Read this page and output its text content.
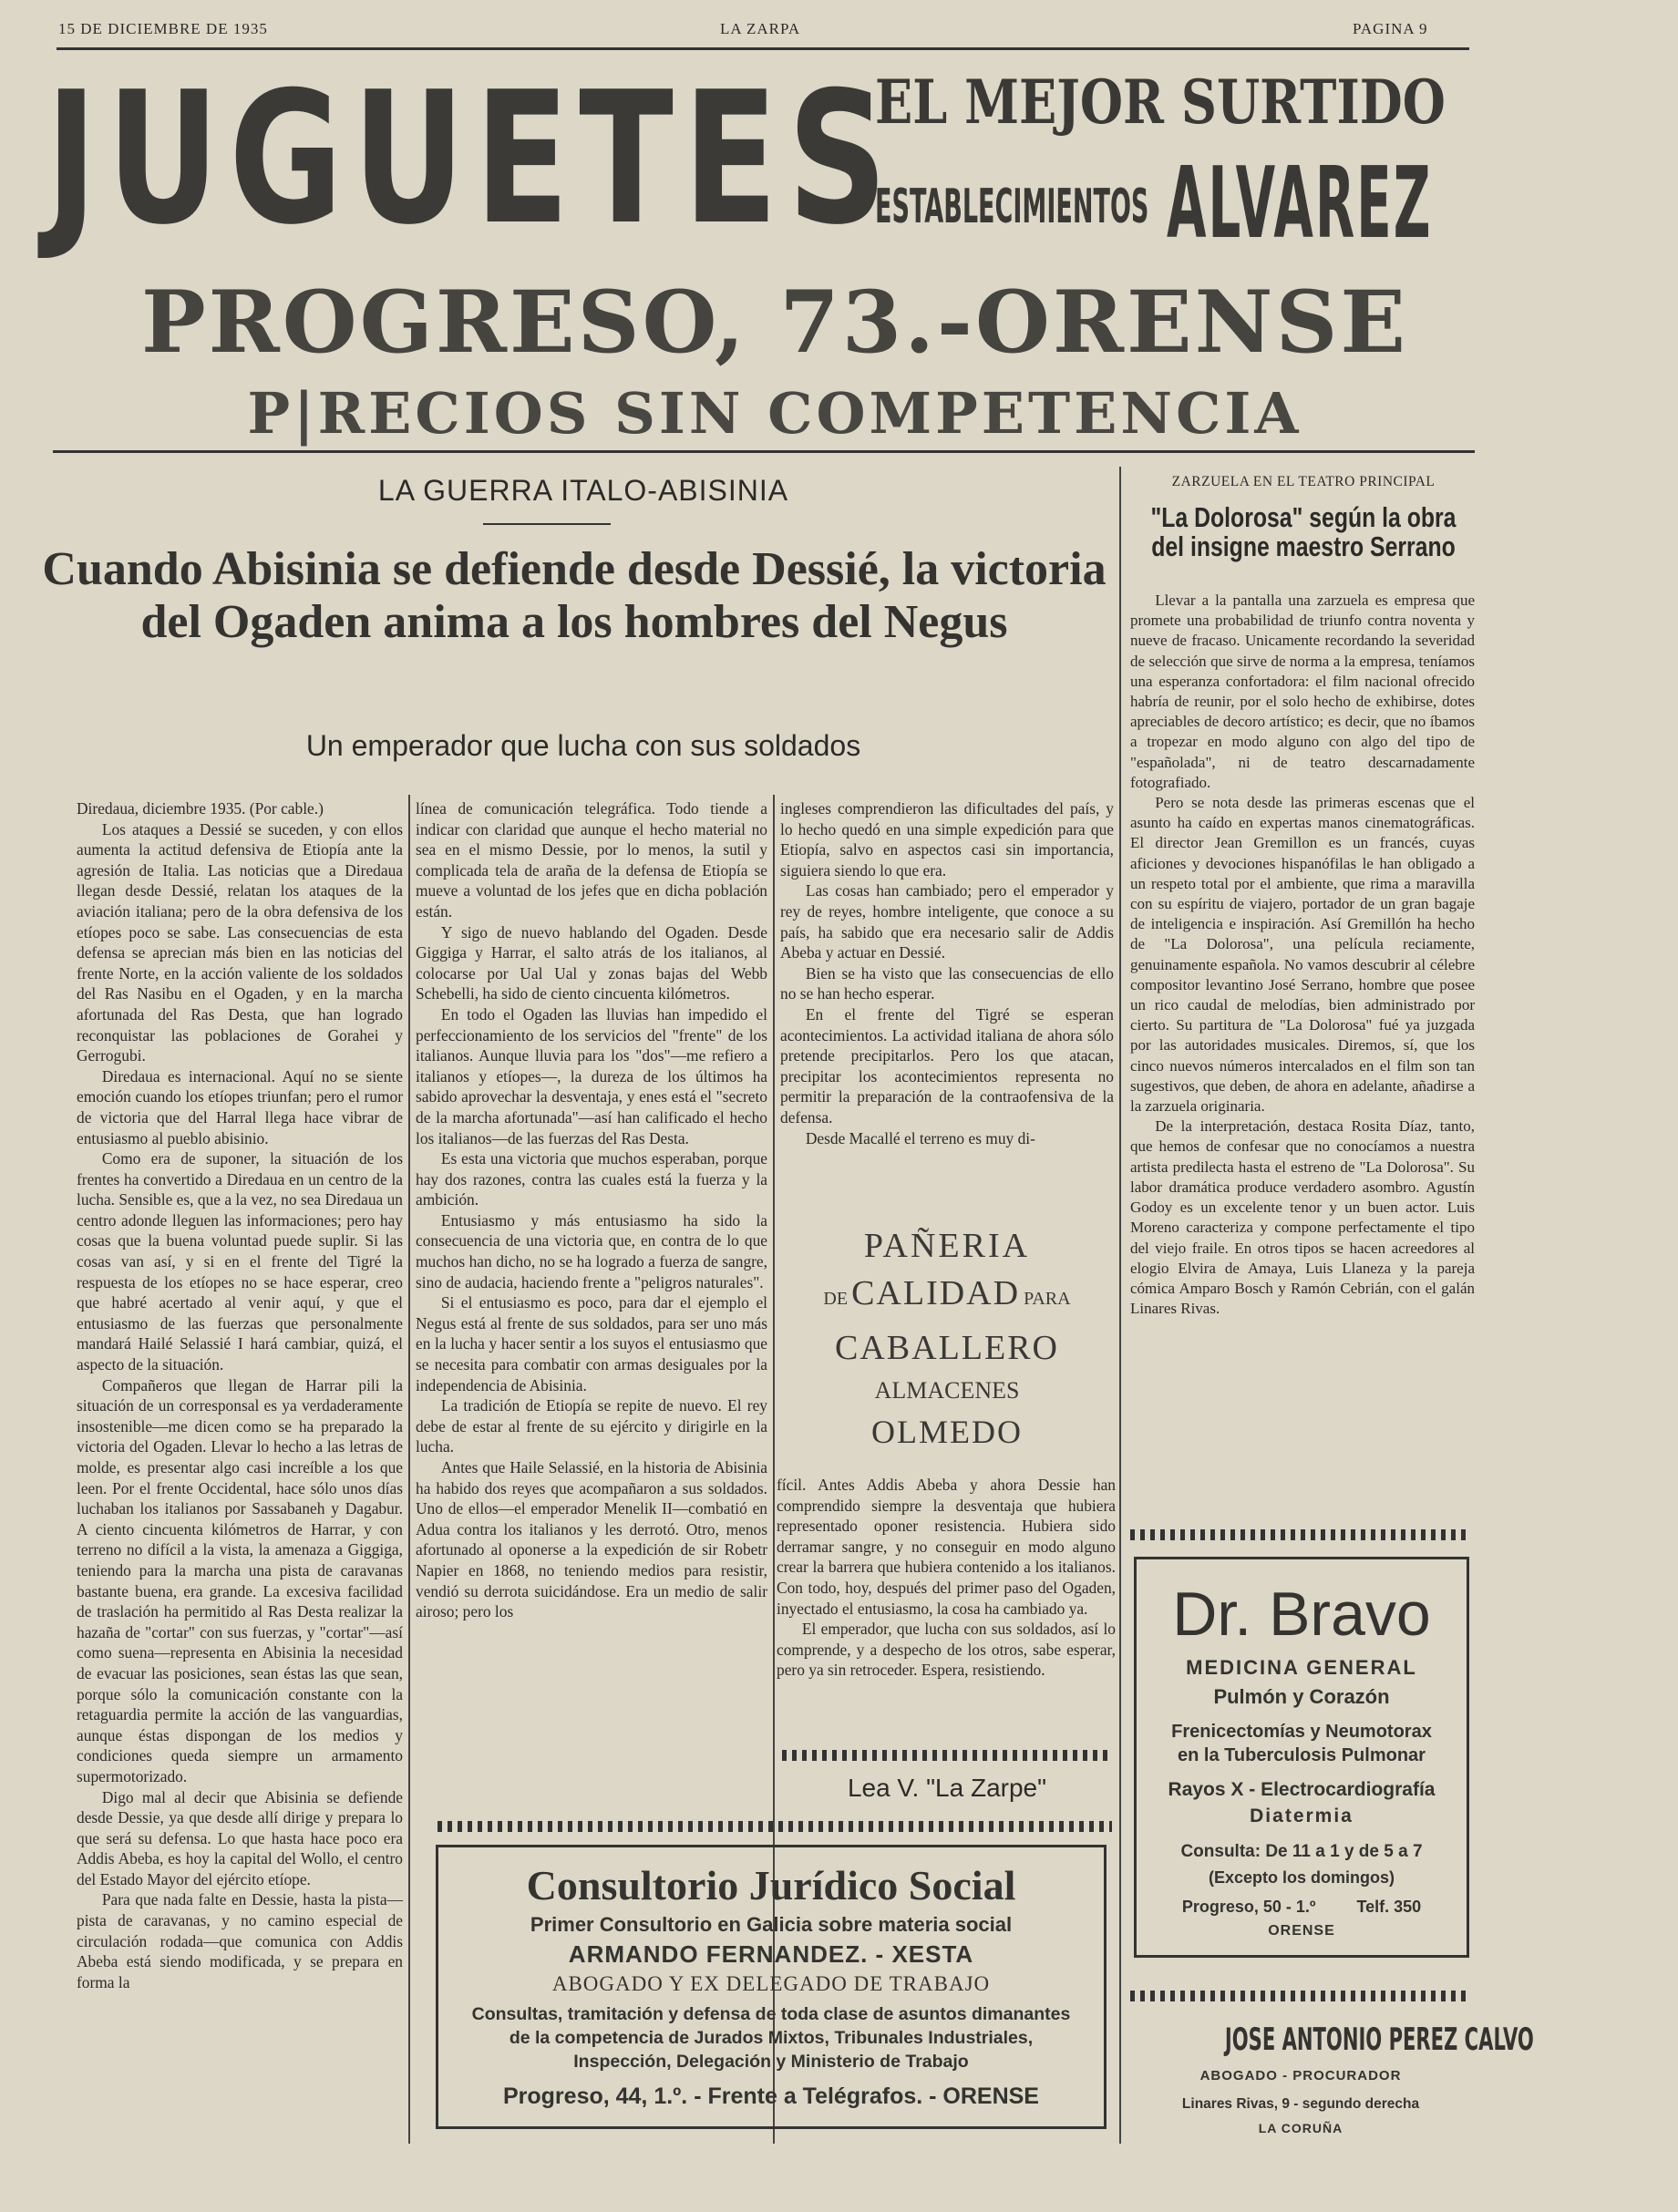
15 DE DICIEMBRE DE 1935	LA ZARPA	PAGINA 9
JUGUETES
EL MEJOR SURTIDO
ESTABLECIMIENTOS ALVAREZ
PROGRESO, 73.-ORENSE
P|RECIOS SIN COMPETENCIA
LA GUERRA ITALO-ABISINIA
Cuando Abisinia se defiende desde Dessié, la victoria del Ogaden anima a los hombres del Negus
Un emperador que lucha con sus soldados

Diredaua, diciembre 1935. (Por cable.)

Los ataques a Dessié se suceden, y con ellos aumenta la actitud defensiva de Etiopía ante la agresión de Italia. Las noticias que a Diredaua llegan desde Dessié, relatan los ataques de la aviación italiana; pero de la obra defensiva de los etíopes poco se sabe. Las consecuencias de esta defensa se aprecian más bien en las noticias del frente Norte, en la acción valiente de los soldados del Ras Nasibu en el Ogaden, y en la marcha afortunada del Ras Desta, que han logrado reconquistar las poblaciones de Gorahei y Gerrogubi.

Diredaua es internacional. Aquí no se siente emoción cuando los etíopes triunfan; pero el rumor de victoria que del Harral llega hace vibrar de entusiasmo al pueblo abisinio.

Como era de suponer, la situación de los frentes ha convertido a Diredaua en un centro de la lucha. Sensible es, que a la vez, no sea Diredaua un centro adonde lleguen las informaciones; pero hay cosas que la buena voluntad puede suplir. Si las cosas van así, y si en el frente del Tigré la respuesta de los etíopes no se hace esperar, creo que habré acertado al venir aquí, y que el entusiasmo de las fuerzas que personalmente mandará Hailé Selassié I hará cambiar, quizá, el aspecto de la situación.

Compañeros que llegan de Harrar pili la situación de un corresponsal es ya verdaderamente insostenible—me dicen como se ha preparado la victoria del Ogaden. Llevar lo hecho a las letras de molde, es presentar algo casi increíble a los que leen. Por el frente Occidental, hace sólo unos días luchaban los italianos por Sassabaneh y Dagabur. A ciento cincuenta kilómetros de Harrar, y con terreno no difícil a la vista, la amenaza a Giggiga, teniendo para la marcha una pista de caravanas bastante buena, era grande. La excesiva facilidad de traslación ha permitido al Ras Desta realizar la hazaña de "cortar" con sus fuerzas, y "cortar"—así como suena—representa en Abisinia la necesidad de evacuar las posiciones, sean éstas las que sean, porque sólo la comunicación constante con la retaguardia permite la acción de las vanguardias, aunque éstas dispongan de los medios y condiciones queda siempre un armamento supermotorizado.

Digo mal al decir que Abisinia se defiende desde Dessie, ya que desde allí dirige y prepara lo que será su defensa. Lo que hasta hace poco era Addis Abeba, es hoy la capital del Wollo, el centro del Estado Mayor del ejército etíope.

Para que nada falte en Dessie, hasta la pista—pista de caravanas, y no camino especial de circulación rodada—que comunica con Addis Abeba está siendo modificada, y se prepara en forma la

línea de comunicación telegráfica. Todo tiende a indicar con claridad que aunque el hecho material no sea en el mismo Dessie, por lo menos, la sutil y complicada tela de araña de la defensa de Etiopía se mueve a voluntad de los jefes que en dicha población están.

Y sigo de nuevo hablando del Ogaden. Desde Giggiga y Harrar, el salto atrás de los italianos, al colocarse por Ual Ual y zonas bajas del Webb Schebelli, ha sido de ciento cincuenta kilómetros.

En todo el Ogaden las lluvias han impedido el perfeccionamiento de los servicios del "frente" de los italianos. Aunque lluvia para los "dos"—me refiero a italianos y etíopes—, la dureza de los últimos ha sabido aprovechar la desventaja, y enes está el "secreto de la marcha afortunada"—así han calificado el hecho los italianos—de las fuerzas del Ras Desta.

Es esta una victoria que muchos esperaban, porque hay dos razones, contra las cuales está la fuerza y la ambición.

Entusiasmo y más entusiasmo ha sido la consecuencia de una victoria que, en contra de lo que muchos han dicho, no se ha logrado a fuerza de sangre, sino de audacia, haciendo frente a "peligros naturales".

Si el entusiasmo es poco, para dar el ejemplo el Negus está al frente de sus soldados, para ser uno más en la lucha y hacer sentir a los suyos el entusiasmo que se necesita para combatir con armas desiguales por la independencia de Abisinia.

La tradición de Etiopía se repite de nuevo. El rey debe de estar al frente de su ejército y dirigirle en la lucha.

Antes que Haile Selassié, en la historia de Abisinia ha habido dos reyes que acompañaron a sus soldados. Uno de ellos—el emperador Menelik II—combatió en Adua contra los italianos y les derrotó. Otro, menos afortunado al oponerse a la expedición de sir Robetr Napier en 1868, no teniendo medios para resistir, vendió su derrota suicidándose. Era un medio de salir airoso; pero los

ingleses comprendieron las dificultades del país, y lo hecho quedó en una simple expedición para que Etiopía, salvo en aspectos casi sin importancia, siguiera siendo lo que era.

Las cosas han cambiado; pero el emperador y rey de reyes, hombre inteligente, que conoce a su país, ha sabido que era necesario salir de Addis Abeba y actuar en Dessié.

Bien se ha visto que las consecuencias de ello no se han hecho esperar.

En el frente del Tigré se esperan acontecimientos. La actividad italiana de ahora sólo pretende precipitarlos. Pero los que atacan, precipitar los acontecimientos representa no permitir la preparación de la contraofensiva de la defensa.

Desde Macallé el terreno es muy di-

PAÑERIA
DE CALIDAD PARA
CABALLERO
ALMACENES
OLMEDO

fícil. Antes Addis Abeba y ahora Dessie han comprendido siempre la desventaja que hubiera representado oponer resistencia. Hubiera sido derramar sangre, y no conseguir en modo alguno crear la barrera que hubiera contenido a los italianos. Con todo, hoy, después del primer paso del Ogaden, inyectado el entusiasmo, la cosa ha cambiado ya.

El emperador, que lucha con sus soldados, así lo comprende, y a despecho de los otros, sabe esperar, pero ya sin retroceder. Espera, resistiendo.

Lea V. "La Zarpe"
Consultorio Jurídico Social
Primer Consultorio en Galicia sobre materia social
ARMANDO FERNANDEZ. - XESTA
ABOGADO Y EX DELEGADO DE TRABAJO
Consultas, tramitación y defensa de toda clase de asuntos dimanantes de la competencia de Jurados Mixtos, Tribunales Industriales, Inspección, Delegación y Ministerio de Trabajo
Progreso, 44, 1.º. - Frente a Telégrafos. - ORENSE
ZARZUELA EN EL TEATRO PRINCIPAL
"La Dolorosa" según la obra del insigne maestro Serrano

Llevar a la pantalla una zarzuela es empresa que promete una probabilidad de triunfo contra noventa y nueve de fracaso. Unicamente recordando la severidad de selección que sirve de norma a la empresa, teníamos una esperanza confortadora: el film nacional ofrecido habría de reunir, por el solo hecho de exhibirse, dotes apreciables de decoro artístico; es decir, que no íbamos a tropezar en modo alguno con algo del tipo de "españolada", ni de teatro descarnadamente fotografiado.

Pero se nota desde las primeras escenas que el asunto ha caído en expertas manos cinematográficas. El director Jean Gremillon es un francés, cuyas aficiones y devociones hispanófilas le han obligado a un respeto total por el ambiente, que rima a maravilla con su espíritu de viajero, portador de un gran bagaje de inteligencia e inspiración. Así Gremillón ha hecho de "La Dolorosa", una película reciamente, genuinamente española. No vamos descubrir al célebre compositor levantino José Serrano, hombre que posee un rico caudal de melodías, bien administrado por cierto. Su partitura de "La Dolorosa" fué ya juzgada por las autoridades musicales. Diremos, sí, que los cinco nuevos números intercalados en el film son tan sugestivos, que deben, de ahora en adelante, añadirse a la zarzuela originaria.

De la interpretación, destaca Rosita Díaz, tanto, que hemos de confesar que no conocíamos a nuestra artista predilecta hasta el estreno de "La Dolorosa". Su labor dramática produce verdadero asombro. Agustín Godoy es un excelente tenor y un buen actor. Luis Moreno caracteriza y compone perfectamente el tipo del viejo fraile. En otros tipos se hacen acreedores al elogio Elvira de Amaya, Luis Llaneza y la pareja cómica Amparo Bosch y Ramón Cebrián, con el galán Linares Rivas.

Dr. Bravo
MEDICINA GENERAL
Pulmón y Corazón
Frenicectomías y Neumotorax
en la Tuberculosis Pulmonar
Rayos X - Electrocardiografía
Diatermia
Consulta: De 11 a 1 y de 5 a 7
(Excepto los domingos)
Progreso, 50 - 1.º	Telf. 350
ORENSE
JOSE ANTONIO PEREZ CALVO
ABOGADO - PROCURADOR
Linares Rivas, 9 - segundo derecha
LA CORUÑA
